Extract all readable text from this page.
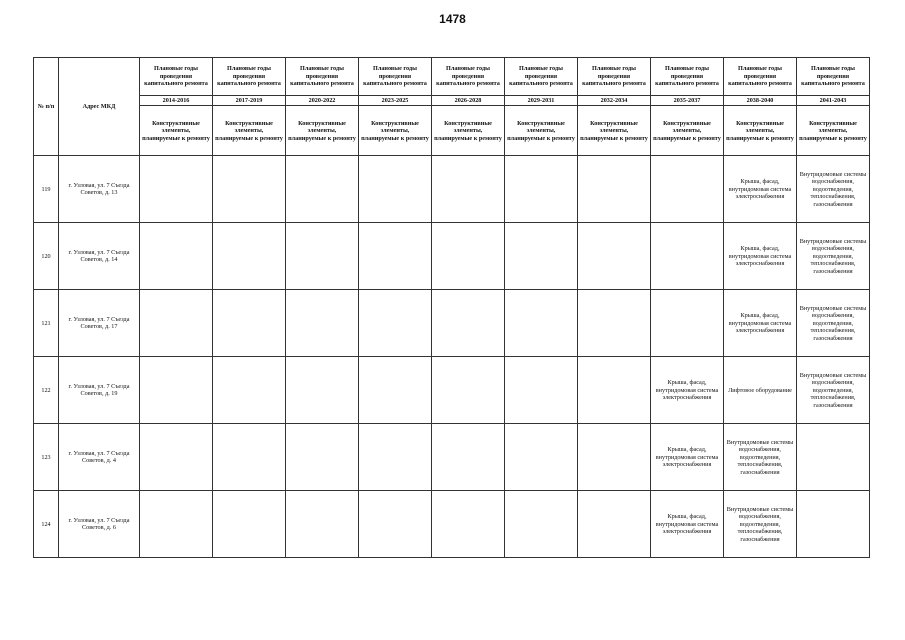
1478
№ п/п	Адрес МКД	Плановые годы проведения капитального ремонта	Плановые годы проведения капитального ремонта	Плановые годы проведения капитального ремонта	Плановые годы проведения капитального ремонта	Плановые годы проведения капитального ремонта	Плановые годы проведения капитального ремонта	Плановые годы проведения капитального ремонта	Плановые годы проведения капитального ремонта	Плановые годы проведения капитального ремонта	Плановые годы проведения капитального ремонта
		2014-2016	2017-2019	2020-2022	2023-2025	2026-2028	2029-2031	2032-2034	2035-2037	2038-2040	2041-2043
		Конструктивные элементы, планируемые к ремонту	Конструктивные элементы, планируемые к ремонту	Конструктивные элементы, планируемые к ремонту	Конструктивные элементы, планируемые к ремонту	Конструктивные элементы, планируемые к ремонту	Конструктивные элементы, планируемые к ремонту	Конструктивные элементы, планируемые к ремонту	Конструктивные элементы, планируемые к ремонту	Конструктивные элементы, планируемые к ремонту	Конструктивные элементы, планируемые к ремонту
119	г. Узловая, ул. 7 Съезда Советов, д. 13									Крыша, фасад, внутридомовая система электроснабжения	Внутридомовые системы водоснабжения, водоотведения, теплоснабжения, газоснабжения
120	г. Узловая, ул. 7 Съезда Советов, д. 14									Крыша, фасад, внутридомовая система электроснабжения	Внутридомовые системы водоснабжения, водоотведения, теплоснабжения, газоснабжения
121	г. Узловая, ул. 7 Съезда Советов, д. 17									Крыша, фасад, внутридомовая система электроснабжения	Внутридомовые системы водоснабжения, водоотведения, теплоснабжения, газоснабжения
122	г. Узловая, ул. 7 Съезда Советов, д. 19								Крыша, фасад, внутридомовая система электроснабжения	Лифтовое оборудование	Внутридомовые системы водоснабжения, водоотведения, теплоснабжения, газоснабжения
123	г. Узловая, ул. 7 Съезда Советов, д. 4								Крыша, фасад, внутридомовая система электроснабжения	Внутридомовые системы водоснабжения, водоотведения, теплоснабжения, газоснабжения	
124	г. Узловая, ул. 7 Съезда Советов, д. 6								Крыша, фасад, внутридомовая система электроснабжения	Внутридомовые системы водоснабжения, водоотведения, теплоснабжения, газоснабжения	
